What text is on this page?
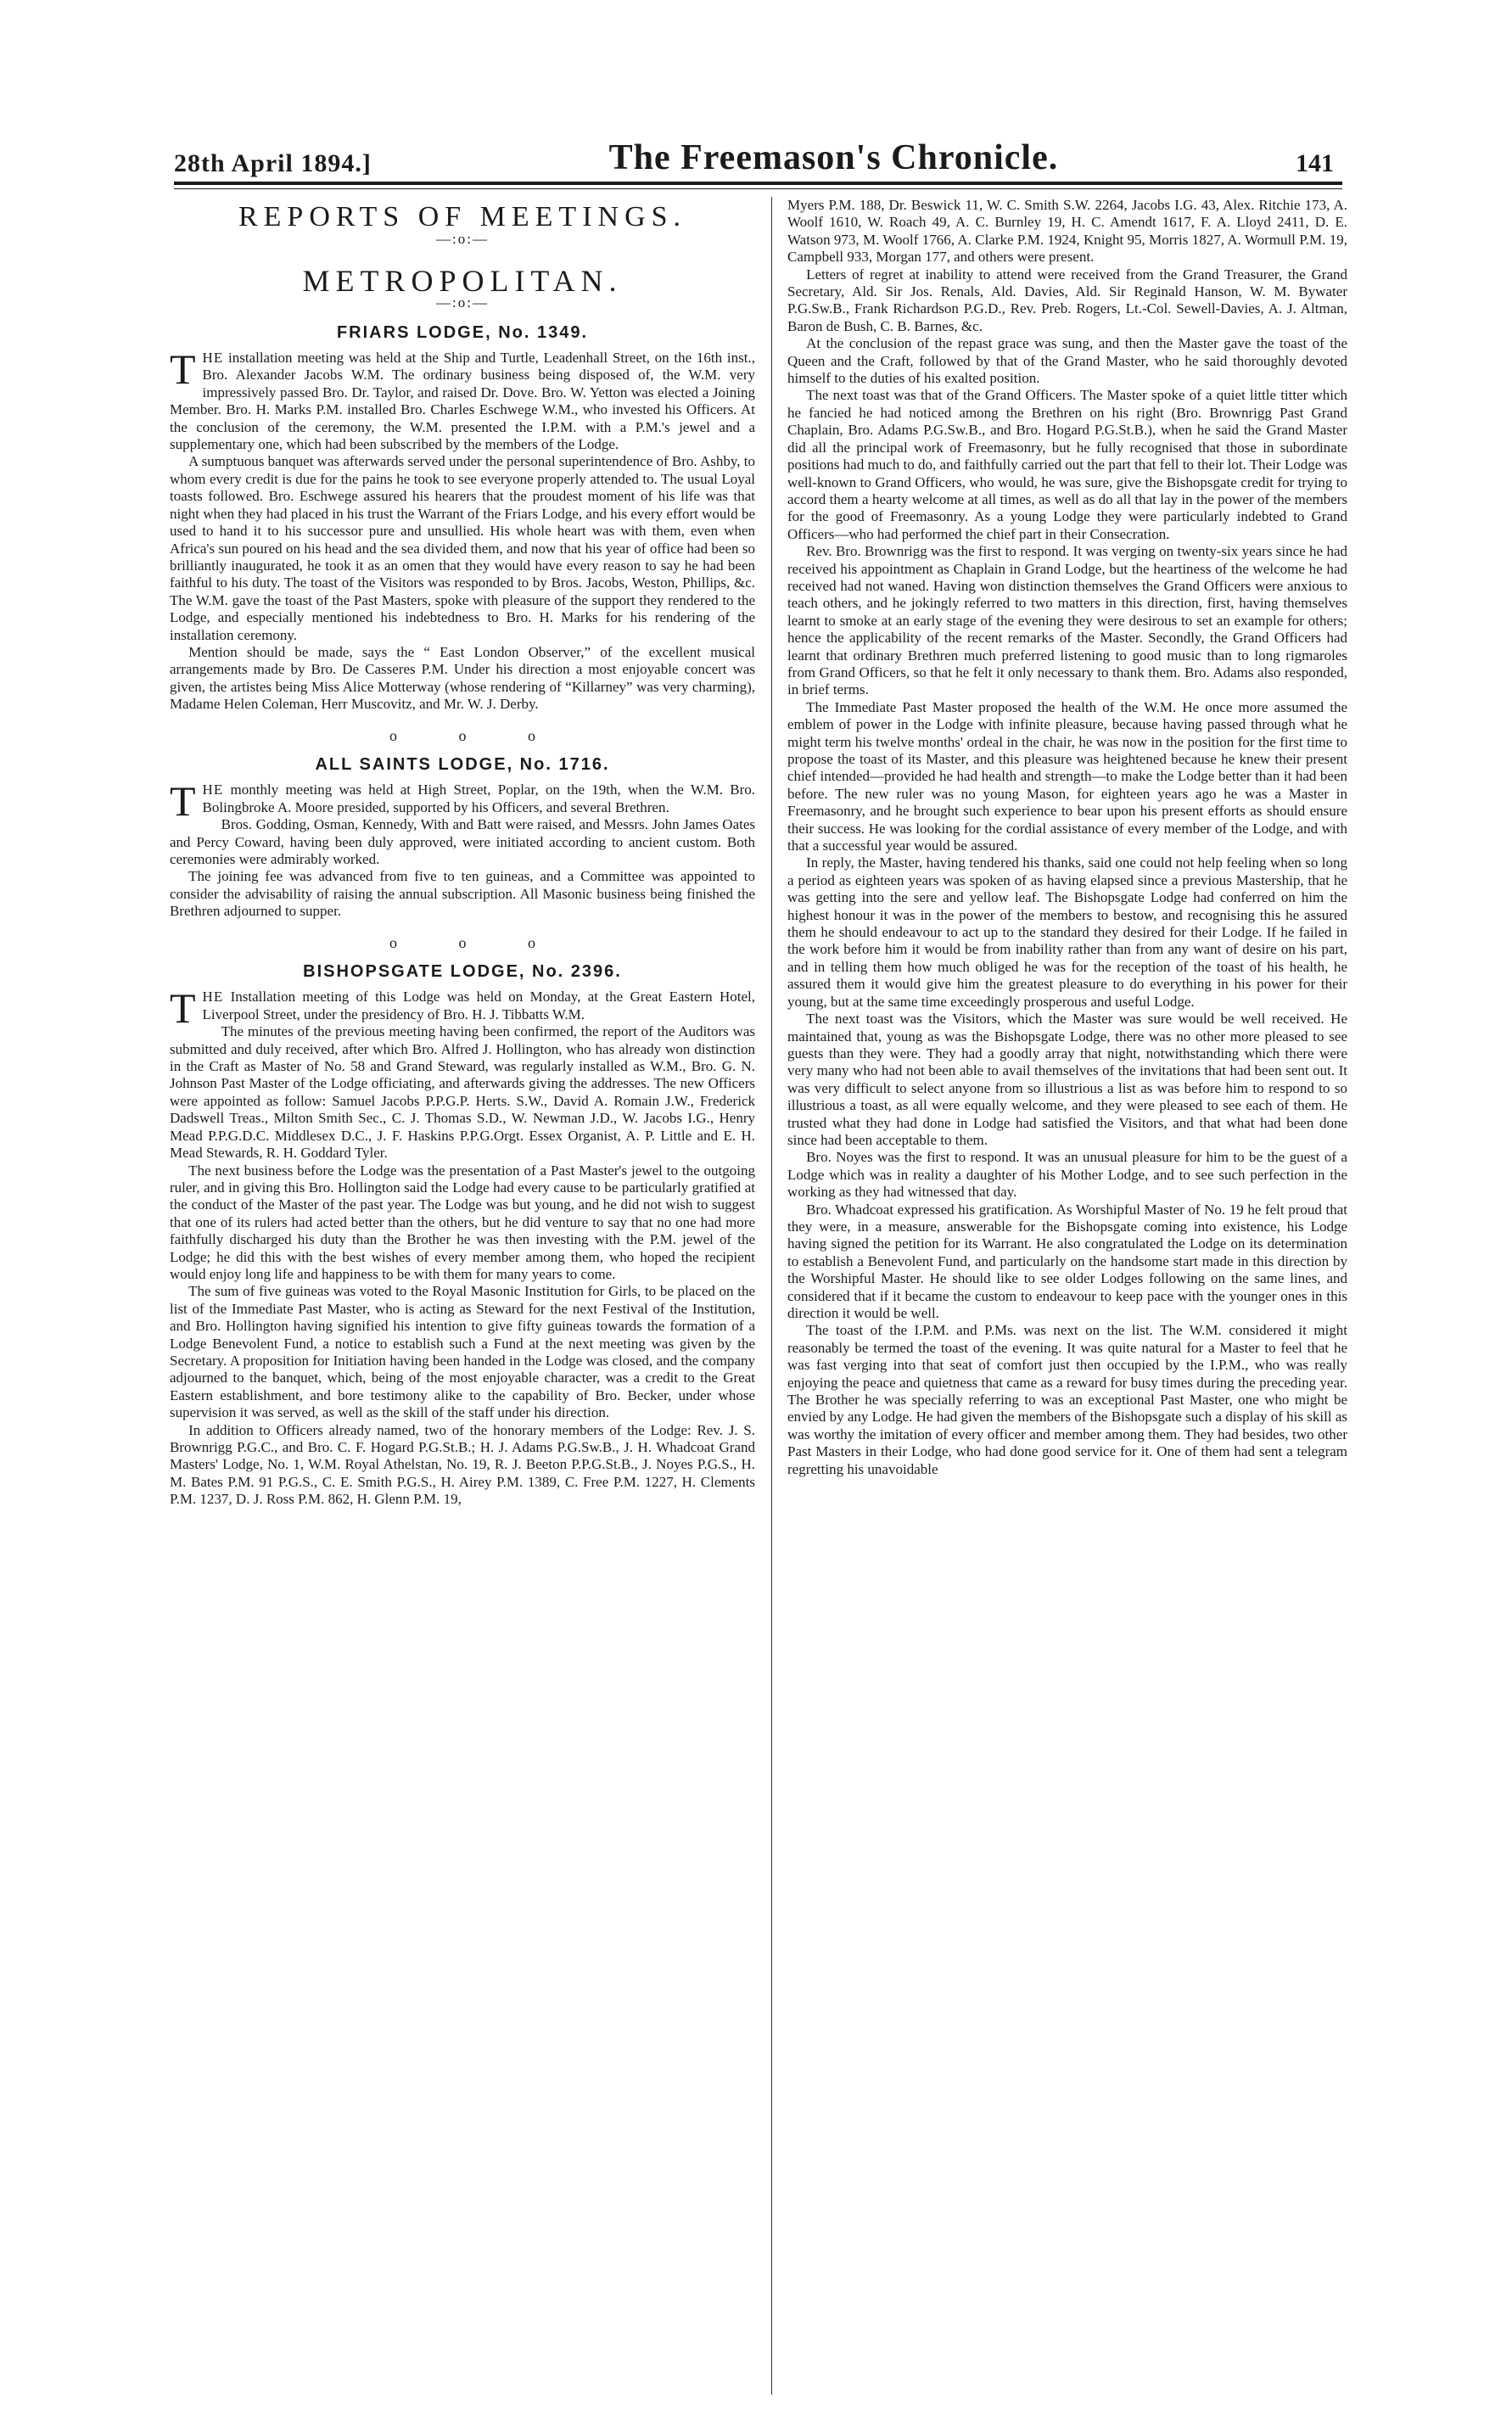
28th April 1894.]	The Freemason's Chronicle.	141
REPORTS OF MEETINGS.
—:o:—
METROPOLITAN.
—:o:—
FRIARS LODGE, No. 1349.

THE installation meeting was held at the Ship and Turtle, Leadenhall Street, on the 16th inst., Bro. Alexander Jacobs W.M. The ordinary business being disposed of, the W.M. very impressively passed Bro. Dr. Taylor, and raised Dr. Dove. Bro. W. Yetton was elected a Joining Member. Bro. H. Marks P.M. installed Bro. Charles Eschwege W.M., who invested his Officers. At the conclusion of the ceremony, the W.M. presented the I.P.M. with a P.M.'s jewel and a supplementary one, which had been subscribed by the members of the Lodge.

A sumptuous banquet was afterwards served under the personal superintendence of Bro. Ashby, to whom every credit is due for the pains he took to see everyone properly attended to. The usual Loyal toasts followed. Bro. Eschwege assured his hearers that the proudest moment of his life was that night when they had placed in his trust the Warrant of the Friars Lodge, and his every effort would be used to hand it to his successor pure and unsullied. His whole heart was with them, even when Africa's sun poured on his head and the sea divided them, and now that his year of office had been so brilliantly inaugurated, he took it as an omen that they would have every reason to say he had been faithful to his duty. The toast of the Visitors was responded to by Bros. Jacobs, Weston, Phillips, &c. The W.M. gave the toast of the Past Masters, spoke with pleasure of the support they rendered to the Lodge, and especially mentioned his indebtedness to Bro. H. Marks for his rendering of the installation ceremony.

Mention should be made, says the “ East London Observer,” of the excellent musical arrangements made by Bro. De Casseres P.M. Under his direction a most enjoyable concert was given, the artistes being Miss Alice Motterway (whose rendering of “Killarney” was very charming), Madame Helen Coleman, Herr Muscovitz, and Mr. W. J. Derby.

o o o
ALL SAINTS LODGE, No. 1716.

THE monthly meeting was held at High Street, Poplar, on the 19th, when the W.M. Bro. Bolingbroke A. Moore presided, supported by his Officers, and several Brethren.

Bros. Godding, Osman, Kennedy, With and Batt were raised, and Messrs. John James Oates and Percy Coward, having been duly approved, were initiated according to ancient custom. Both ceremonies were admirably worked.

The joining fee was advanced from five to ten guineas, and a Committee was appointed to consider the advisability of raising the annual subscription. All Masonic business being finished the Brethren adjourned to supper.

o o o
BISHOPSGATE LODGE, No. 2396.

THE Installation meeting of this Lodge was held on Monday, at the Great Eastern Hotel, Liverpool Street, under the presidency of Bro. H. J. Tibbatts W.M.

The minutes of the previous meeting having been confirmed, the report of the Auditors was submitted and duly received, after which Bro. Alfred J. Hollington, who has already won distinction in the Craft as Master of No. 58 and Grand Steward, was regularly installed as W.M., Bro. G. N. Johnson Past Master of the Lodge officiating, and afterwards giving the addresses. The new Officers were appointed as follow: Samuel Jacobs P.P.G.P. Herts. S.W., David A. Romain J.W., Frederick Dadswell Treas., Milton Smith Sec., C. J. Thomas S.D., W. Newman J.D., W. Jacobs I.G., Henry Mead P.P.G.D.C. Middlesex D.C., J. F. Haskins P.P.G.Orgt. Essex Organist, A. P. Little and E. H. Mead Stewards, R. H. Goddard Tyler.

The next business before the Lodge was the presentation of a Past Master's jewel to the outgoing ruler, and in giving this Bro. Hollington said the Lodge had every cause to be particularly gratified at the conduct of the Master of the past year. The Lodge was but young, and he did not wish to suggest that one of its rulers had acted better than the others, but he did venture to say that no one had more faithfully discharged his duty than the Brother he was then investing with the P.M. jewel of the Lodge; he did this with the best wishes of every member among them, who hoped the recipient would enjoy long life and happiness to be with them for many years to come.

The sum of five guineas was voted to the Royal Masonic Institution for Girls, to be placed on the list of the Immediate Past Master, who is acting as Steward for the next Festival of the Institution, and Bro. Hollington having signified his intention to give fifty guineas towards the formation of a Lodge Benevolent Fund, a notice to establish such a Fund at the next meeting was given by the Secretary. A proposition for Initiation having been handed in the Lodge was closed, and the company adjourned to the banquet, which, being of the most enjoyable character, was a credit to the Great Eastern establishment, and bore testimony alike to the capability of Bro. Becker, under whose supervision it was served, as well as the skill of the staff under his direction.

In addition to Officers already named, two of the honorary members of the Lodge: Rev. J. S. Brownrigg P.G.C., and Bro. C. F. Hogard P.G.St.B.; H. J. Adams P.G.Sw.B., J. H. Whadcoat Grand Masters' Lodge, No. 1, W.M. Royal Athelstan, No. 19, R. J. Beeton P.P.G.St.B., J. Noyes P.G.S., H. M. Bates P.M. 91 P.G.S., C. E. Smith P.G.S., H. Airey P.M. 1389, C. Free P.M. 1227, H. Clements P.M. 1237, D. J. Ross P.M. 862, H. Glenn P.M. 19,

Myers P.M. 188, Dr. Beswick 11, W. C. Smith S.W. 2264, Jacobs I.G. 43, Alex. Ritchie 173, A. Woolf 1610, W. Roach 49, A. C. Burnley 19, H. C. Amendt 1617, F. A. Lloyd 2411, D. E. Watson 973, M. Woolf 1766, A. Clarke P.M. 1924, Knight 95, Morris 1827, A. Wormull P.M. 19, Campbell 933, Morgan 177, and others were present.

Letters of regret at inability to attend were received from the Grand Treasurer, the Grand Secretary, Ald. Sir Jos. Renals, Ald. Davies, Ald. Sir Reginald Hanson, W. M. Bywater P.G.Sw.B., Frank Richardson P.G.D., Rev. Preb. Rogers, Lt.-Col. Sewell-Davies, A. J. Altman, Baron de Bush, C. B. Barnes, &c.

At the conclusion of the repast grace was sung, and then the Master gave the toast of the Queen and the Craft, followed by that of the Grand Master, who he said thoroughly devoted himself to the duties of his exalted position.

The next toast was that of the Grand Officers. The Master spoke of a quiet little titter which he fancied he had noticed among the Brethren on his right (Bro. Brownrigg Past Grand Chaplain, Bro. Adams P.G.Sw.B., and Bro. Hogard P.G.St.B.), when he said the Grand Master did all the principal work of Freemasonry, but he fully recognised that those in subordinate positions had much to do, and faithfully carried out the part that fell to their lot. Their Lodge was well-known to Grand Officers, who would, he was sure, give the Bishopsgate credit for trying to accord them a hearty welcome at all times, as well as do all that lay in the power of the members for the good of Freemasonry. As a young Lodge they were particularly indebted to Grand Officers—who had performed the chief part in their Consecration.

Rev. Bro. Brownrigg was the first to respond. It was verging on twenty-six years since he had received his appointment as Chaplain in Grand Lodge, but the heartiness of the welcome he had received had not waned. Having won distinction themselves the Grand Officers were anxious to teach others, and he jokingly referred to two matters in this direction, first, having themselves learnt to smoke at an early stage of the evening they were desirous to set an example for others; hence the applicability of the recent remarks of the Master. Secondly, the Grand Officers had learnt that ordinary Brethren much preferred listening to good music than to long rigmaroles from Grand Officers, so that he felt it only necessary to thank them. Bro. Adams also responded, in brief terms.

The Immediate Past Master proposed the health of the W.M. He once more assumed the emblem of power in the Lodge with infinite pleasure, because having passed through what he might term his twelve months' ordeal in the chair, he was now in the position for the first time to propose the toast of its Master, and this pleasure was heightened because he knew their present chief intended—provided he had health and strength—to make the Lodge better than it had been before. The new ruler was no young Mason, for eighteen years ago he was a Master in Freemasonry, and he brought such experience to bear upon his present efforts as should ensure their success. He was looking for the cordial assistance of every member of the Lodge, and with that a successful year would be assured.

In reply, the Master, having tendered his thanks, said one could not help feeling when so long a period as eighteen years was spoken of as having elapsed since a previous Mastership, that he was getting into the sere and yellow leaf. The Bishopsgate Lodge had conferred on him the highest honour it was in the power of the members to bestow, and recognising this he assured them he should endeavour to act up to the standard they desired for their Lodge. If he failed in the work before him it would be from inability rather than from any want of desire on his part, and in telling them how much obliged he was for the reception of the toast of his health, he assured them it would give him the greatest pleasure to do everything in his power for their young, but at the same time exceedingly prosperous and useful Lodge.

The next toast was the Visitors, which the Master was sure would be well received. He maintained that, young as was the Bishopsgate Lodge, there was no other more pleased to see guests than they were. They had a goodly array that night, notwithstanding which there were very many who had not been able to avail themselves of the invitations that had been sent out. It was very difficult to select anyone from so illustrious a list as was before him to respond to so illustrious a toast, as all were equally welcome, and they were pleased to see each of them. He trusted what they had done in Lodge had satisfied the Visitors, and that what had been done since had been acceptable to them.

Bro. Noyes was the first to respond. It was an unusual pleasure for him to be the guest of a Lodge which was in reality a daughter of his Mother Lodge, and to see such perfection in the working as they had witnessed that day.

Bro. Whadcoat expressed his gratification. As Worshipful Master of No. 19 he felt proud that they were, in a measure, answerable for the Bishopsgate coming into existence, his Lodge having signed the petition for its Warrant. He also congratulated the Lodge on its determination to establish a Benevolent Fund, and particularly on the handsome start made in this direction by the Worshipful Master. He should like to see older Lodges following on the same lines, and considered that if it became the custom to endeavour to keep pace with the younger ones in this direction it would be well.

The toast of the I.P.M. and P.Ms. was next on the list. The W.M. considered it might reasonably be termed the toast of the evening. It was quite natural for a Master to feel that he was fast verging into that seat of comfort just then occupied by the I.P.M., who was really enjoying the peace and quietness that came as a reward for busy times during the preceding year. The Brother he was specially referring to was an exceptional Past Master, one who might be envied by any Lodge. He had given the members of the Bishopsgate such a display of his skill as was worthy the imitation of every officer and member among them. They had besides, two other Past Masters in their Lodge, who had done good service for it. One of them had sent a telegram regretting his unavoidable
